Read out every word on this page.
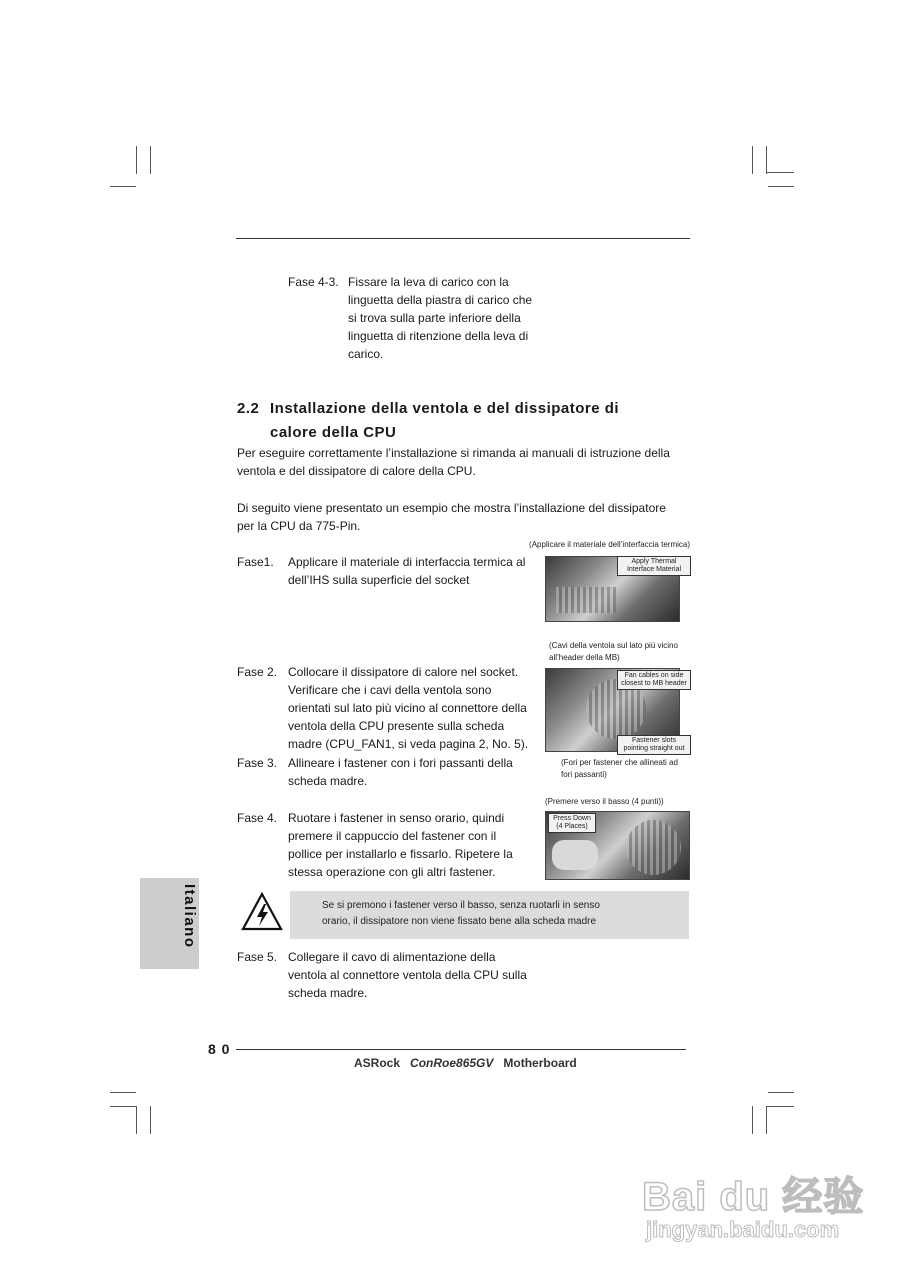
Fase 4-3. Fissare la leva di carico con la
linguetta della piastra di carico che
si trova sulla parte inferiore della
linguetta di ritenzione della leva di
carico.
2.2 Installazione della ventola e del dissipatore di
calore della CPU
Per eseguire correttamente l’installazione si rimanda ai manuali di istruzione della
ventola e del dissipatore di calore della CPU.
Di seguito viene presentato un esempio che mostra l’installazione del dissipatore
per la CPU da 775-Pin.
(Applicare il materiale dell’interfaccia termica)
Fase1. Applicare il materiale di interfaccia termica al
dell’IHS sulla superficie del socket
Apply Thermal
Interface Material
(Cavi della ventola sul lato più vicino
all’header della MB)
Fase 2. Collocare il dissipatore di calore nel socket.
Verificare che i cavi della ventola sono
orientati sul lato più vicino al connettore della
ventola della CPU presente sulla scheda
madre (CPU_FAN1, si veda pagina 2, No. 5).
Fan cables on side
closest to MB header
Fastener slots
pointing straight out
Fase 3. Allineare i fastener con i fori passanti della
scheda madre.
(Fori per fastener che allineati ad
fori passanti)
(Premere verso il basso (4 punti))
Fase 4. Ruotare i fastener in senso orario, quindi
premere il cappuccio del fastener con il
pollice per installarlo e fissarlo. Ripetere la
stessa operazione con gli altri fastener.
Press Down
(4 Places)
Se si premono i fastener verso il basso, senza ruotarli in senso
orario, il dissipatore non viene fissato bene alla scheda madre
Fase 5. Collegare il cavo di alimentazione della
ventola al connettore ventola della CPU sulla
scheda madre.
Italiano
8 0
ASRock ConRoe865GV Motherboard
Bai du 经验
jingyan.baidu.com
